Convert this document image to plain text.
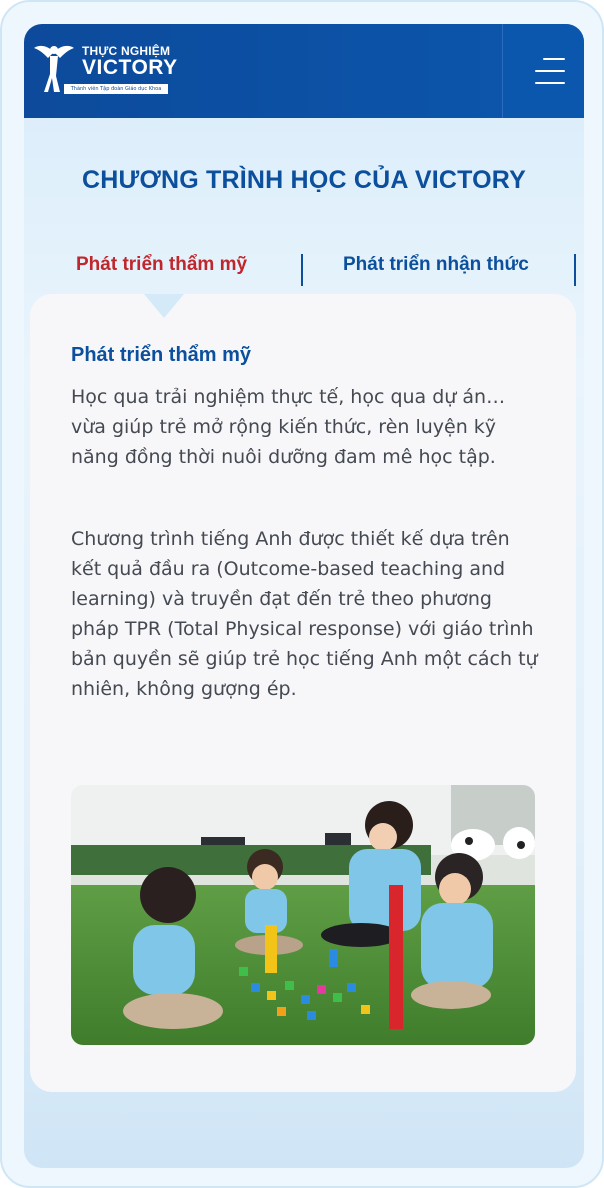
THỰC NGHIỆM
VICTORY
Thành viên Tập đoàn Giáo dục Khoa
CHƯƠNG TRÌNH HỌC CỦA VICTORY
Phát triển thẩm mỹ	Phát triển nhận thức
Phát triển thẩm mỹ

Học qua trải nghiệm thực tế, học qua dự án… vừa giúp trẻ mở rộng kiến thức, rèn luyện kỹ năng đồng thời nuôi dưỡng đam mê học tập.

Chương trình tiếng Anh được thiết kế dựa trên kết quả đầu ra (Outcome-based teaching and learning) và truyền đạt đến trẻ theo phương pháp TPR (Total Physical response) với giáo trình bản quyền sẽ giúp trẻ học tiếng Anh một cách tự nhiên, không gượng ép.
